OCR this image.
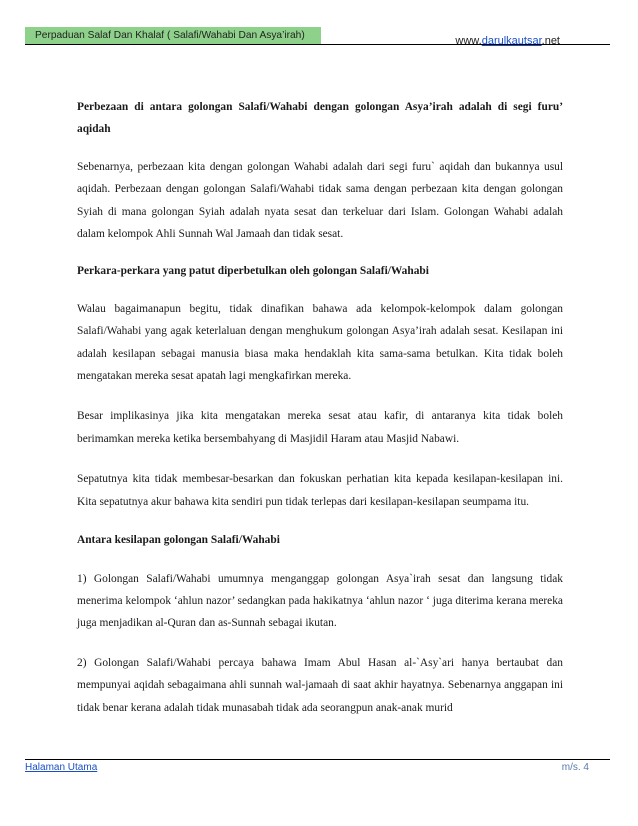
Perpaduan Salaf Dan Khalaf ( Salafi/Wahabi Dan Asya’irah)	www.darulkautsar.net

Perbezaan di antara golongan Salafi/Wahabi dengan golongan Asya’irah adalah di segi furu’ aqidah

Sebenarnya, perbezaan kita dengan golongan Wahabi adalah dari segi furu` aqidah dan bukannya usul aqidah. Perbezaan dengan golongan Salafi/Wahabi tidak sama dengan perbezaan kita dengan golongan Syiah di mana golongan Syiah adalah nyata sesat dan terkeluar dari Islam. Golongan Wahabi adalah dalam kelompok Ahli Sunnah Wal Jamaah dan tidak sesat.

Perkara-perkara yang patut diperbetulkan oleh golongan Salafi/Wahabi

Walau bagaimanapun begitu, tidak dinafikan bahawa ada kelompok-kelompok dalam golongan Salafi/Wahabi yang agak keterlaluan dengan menghukum golongan Asya’irah adalah sesat. Kesilapan ini adalah kesilapan sebagai manusia biasa maka hendaklah kita sama-sama betulkan. Kita tidak boleh mengatakan mereka sesat apatah lagi mengkafirkan mereka.

Besar implikasinya jika kita mengatakan mereka sesat atau kafir, di antaranya kita tidak boleh berimamkan mereka ketika bersembahyang di Masjidil Haram atau Masjid Nabawi.

Sepatutnya kita tidak membesar-besarkan dan fokuskan perhatian kita kepada kesilapan-kesilapan ini. Kita sepatutnya akur bahawa kita sendiri pun tidak terlepas dari kesilapan-kesilapan seumpama itu.

Antara kesilapan golongan Salafi/Wahabi

1) Golongan Salafi/Wahabi umumnya menganggap golongan Asya`irah sesat dan langsung tidak menerima kelompok ‘ahlun nazor’ sedangkan pada hakikatnya ‘ahlun nazor ‘ juga diterima kerana mereka juga menjadikan al-Quran dan as-Sunnah sebagai ikutan.

2) Golongan Salafi/Wahabi percaya bahawa Imam Abul Hasan al-`Asy`ari hanya bertaubat dan mempunyai aqidah sebagaimana ahli sunnah wal-jamaah di saat akhir hayatnya. Sebenarnya anggapan ini tidak benar kerana adalah tidak munasabah tidak ada seorangpun anak-anak murid

Halaman Utama	m/s. 4
